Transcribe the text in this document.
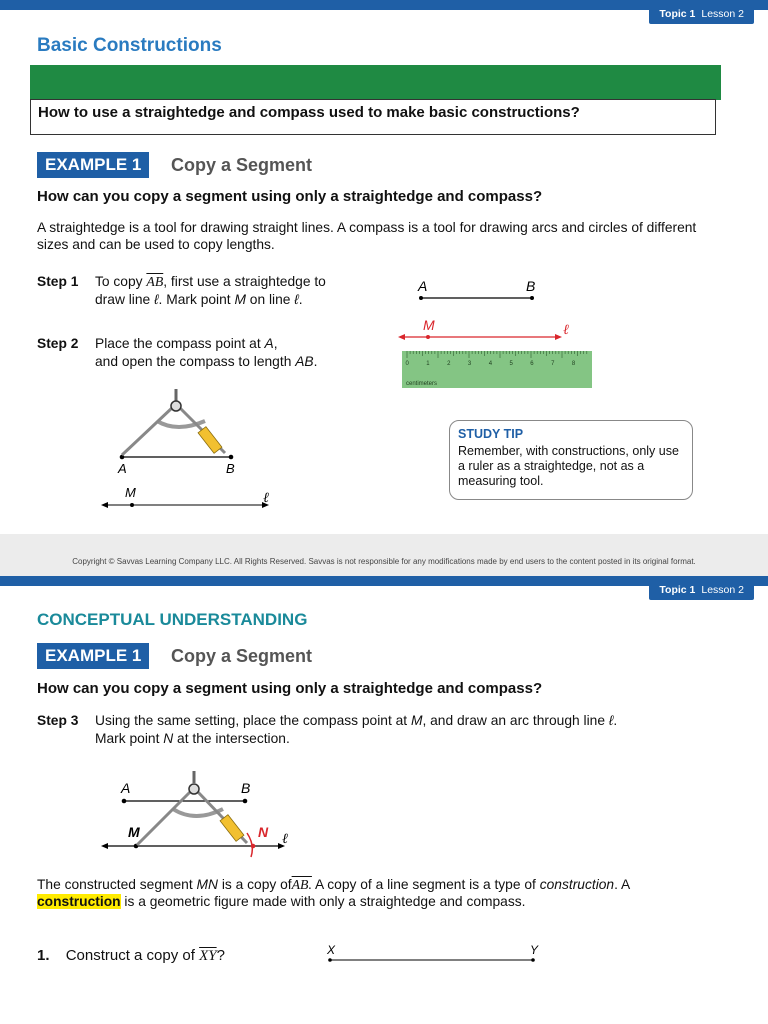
Topic 1 Lesson 2
Basic Constructions
How to use a straightedge and compass used to make basic constructions?
EXAMPLE 1	Copy a Segment
How can you copy a segment using only a straightedge and compass?
A straightedge is a tool for drawing straight lines. A compass is a tool for drawing arcs and circles of different sizes and can be used to copy lengths.
Step 1 To copy $\overline{AB}$, first use a straightedge to
draw line ℓ. Mark point M on line ℓ.
Step 2 Place the compass point at A,
and open the compass to length AB.
A	B
M	ℓ
0	1	2	3	4	5	6	7	8
centimeters
A	B
M	ℓ
STUDY TIP
Remember, with constructions, only use a ruler as a straightedge, not as a measuring tool.
Copyright © Savvas Learning Company LLC. All Rights Reserved. Savvas is not responsible for any modifications made by end users to the content posted in its original format.
Topic 1 Lesson 2
CONCEPTUAL UNDERSTANDING
EXAMPLE 1	Copy a Segment
How can you copy a segment using only a straightedge and compass?
Step 3 Using the same setting, place the compass point at M, and draw an arc through line ℓ.
Mark point N at the intersection.
A	B
M	N ℓ
The constructed segment MN is a copy ofAB. A copy of a line segment is a type of construction. A
construction is a geometric figure made with only a straightedge and compass.
1. Construct a copy of $\overline{XY}$?	X	Y
